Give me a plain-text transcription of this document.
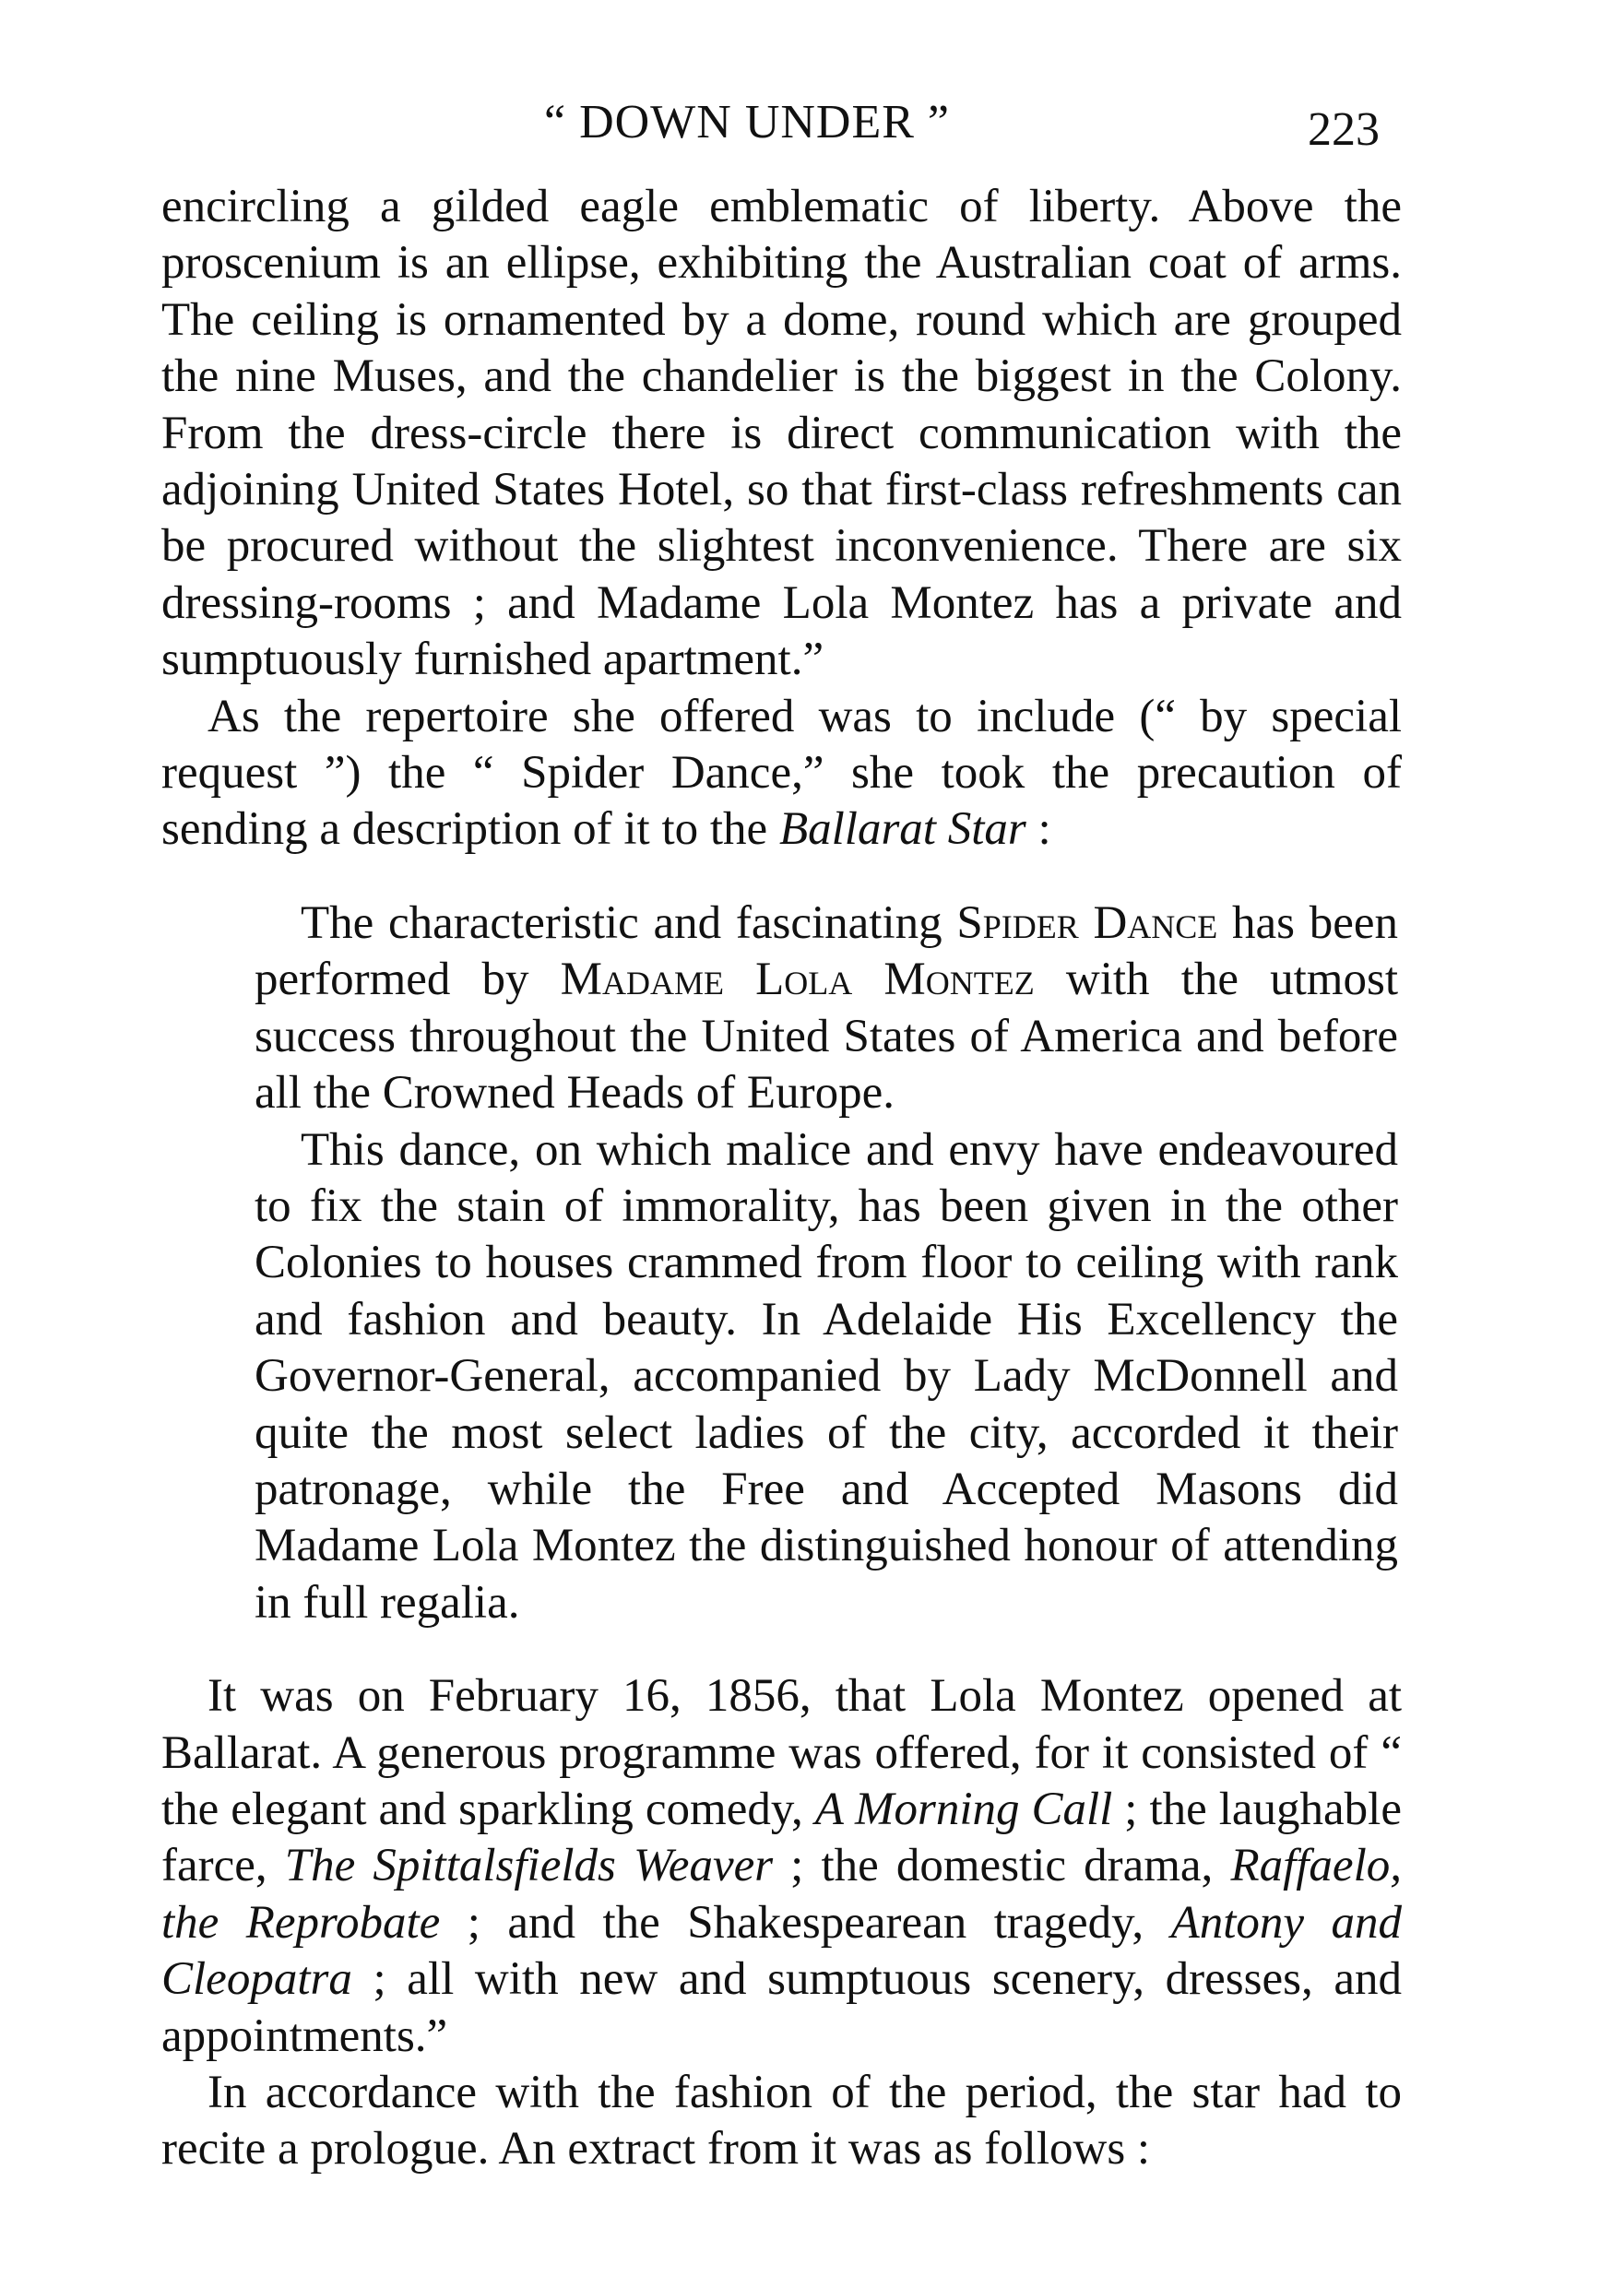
“ DOWN UNDER ”	223

encircling a gilded eagle emblematic of liberty. Above the proscenium is an ellipse, exhibiting the Australian coat of arms. The ceiling is ornamented by a dome, round which are grouped the nine Muses, and the chandelier is the biggest in the Colony. From the dress-circle there is direct communication with the adjoining United States Hotel, so that first-class refreshments can be procured without the slightest inconvenience. There are six dressing-rooms ; and Madame Lola Montez has a private and sumptuously furnished apartment.”

As the repertoire she offered was to include (“ by special request ”) the “ Spider Dance,” she took the precaution of sending a description of it to the Ballarat Star :

The characteristic and fascinating Spider Dance has been performed by Madame Lola Montez with the utmost success throughout the United States of America and before all the Crowned Heads of Europe.

This dance, on which malice and envy have endeavoured to fix the stain of immorality, has been given in the other Colonies to houses crammed from floor to ceiling with rank and fashion and beauty. In Adelaide His Excellency the Governor-General, accompanied by Lady McDonnell and quite the most select ladies of the city, accorded it their patronage, while the Free and Accepted Masons did Madame Lola Montez the distinguished honour of attending in full regalia.

It was on February 16, 1856, that Lola Montez opened at Ballarat. A generous programme was offered, for it consisted of “ the elegant and sparkling comedy, A Morning Call ; the laughable farce, The Spittalsfields Weaver ; the domestic drama, Raffaelo, the Reprobate ; and the Shakespearean tragedy, Antony and Cleopatra ; all with new and sumptuous scenery, dresses, and appointments.”

In accordance with the fashion of the period, the star had to recite a prologue. An extract from it was as follows :
